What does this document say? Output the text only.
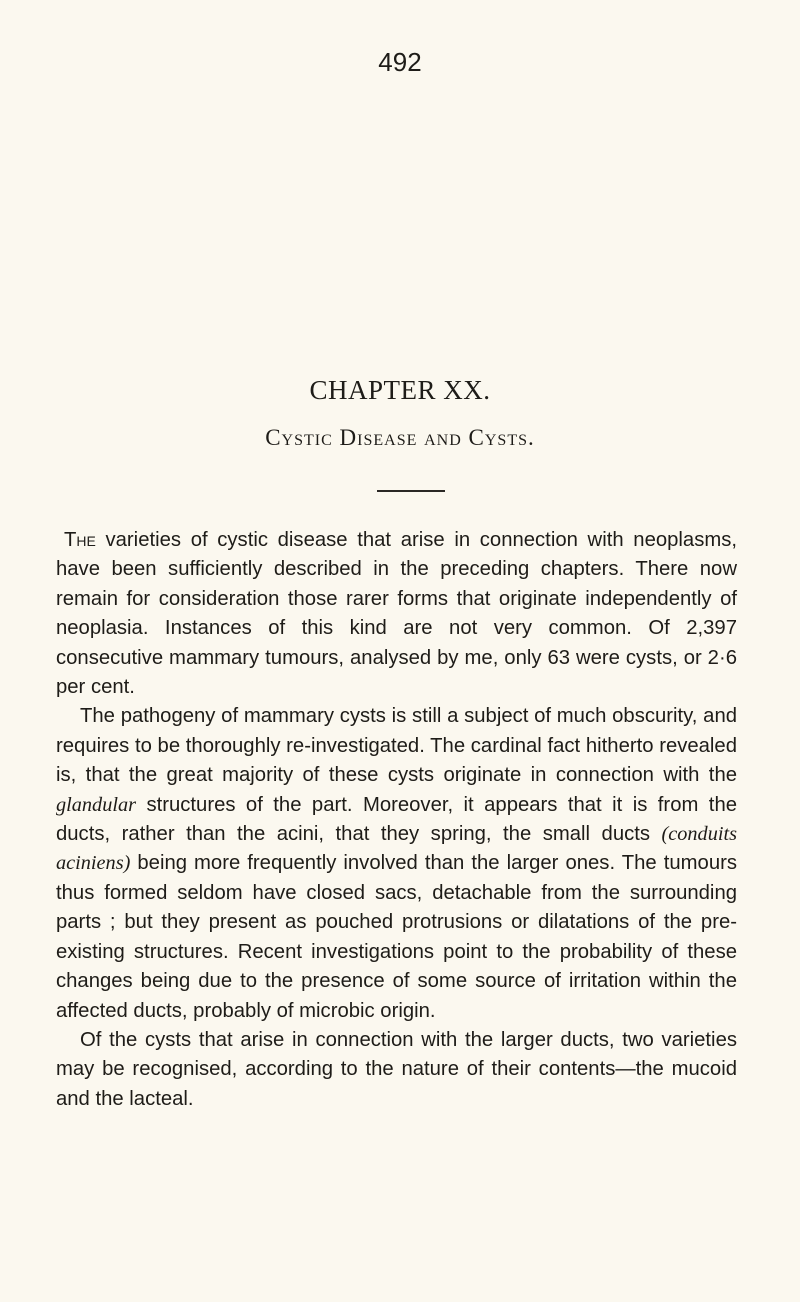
492
CHAPTER XX.
Cystic Disease and Cysts.

The varieties of cystic disease that arise in connection with neoplasms, have been sufficiently described in the preceding chapters. There now remain for consideration those rarer forms that originate independently of neoplasia. Instances of this kind are not very common. Of 2,397 consecutive mammary tumours, analysed by me, only 63 were cysts, or 2·6 per cent.

The pathogeny of mammary cysts is still a subject of much obscurity, and requires to be thoroughly re-investigated. The cardinal fact hitherto revealed is, that the great majority of these cysts originate in connection with the glandular structures of the part. Moreover, it appears that it is from the ducts, rather than the acini, that they spring, the small ducts (conduits aciniens) being more frequently involved than the larger ones. The tumours thus formed seldom have closed sacs, detachable from the surrounding parts ; but they present as pouched protrusions or dilatations of the pre-existing structures. Recent investigations point to the probability of these changes being due to the presence of some source of irritation within the affected ducts, probably of microbic origin.

Of the cysts that arise in connection with the larger ducts, two varieties may be recognised, according to the nature of their contents—the mucoid and the lacteal.
